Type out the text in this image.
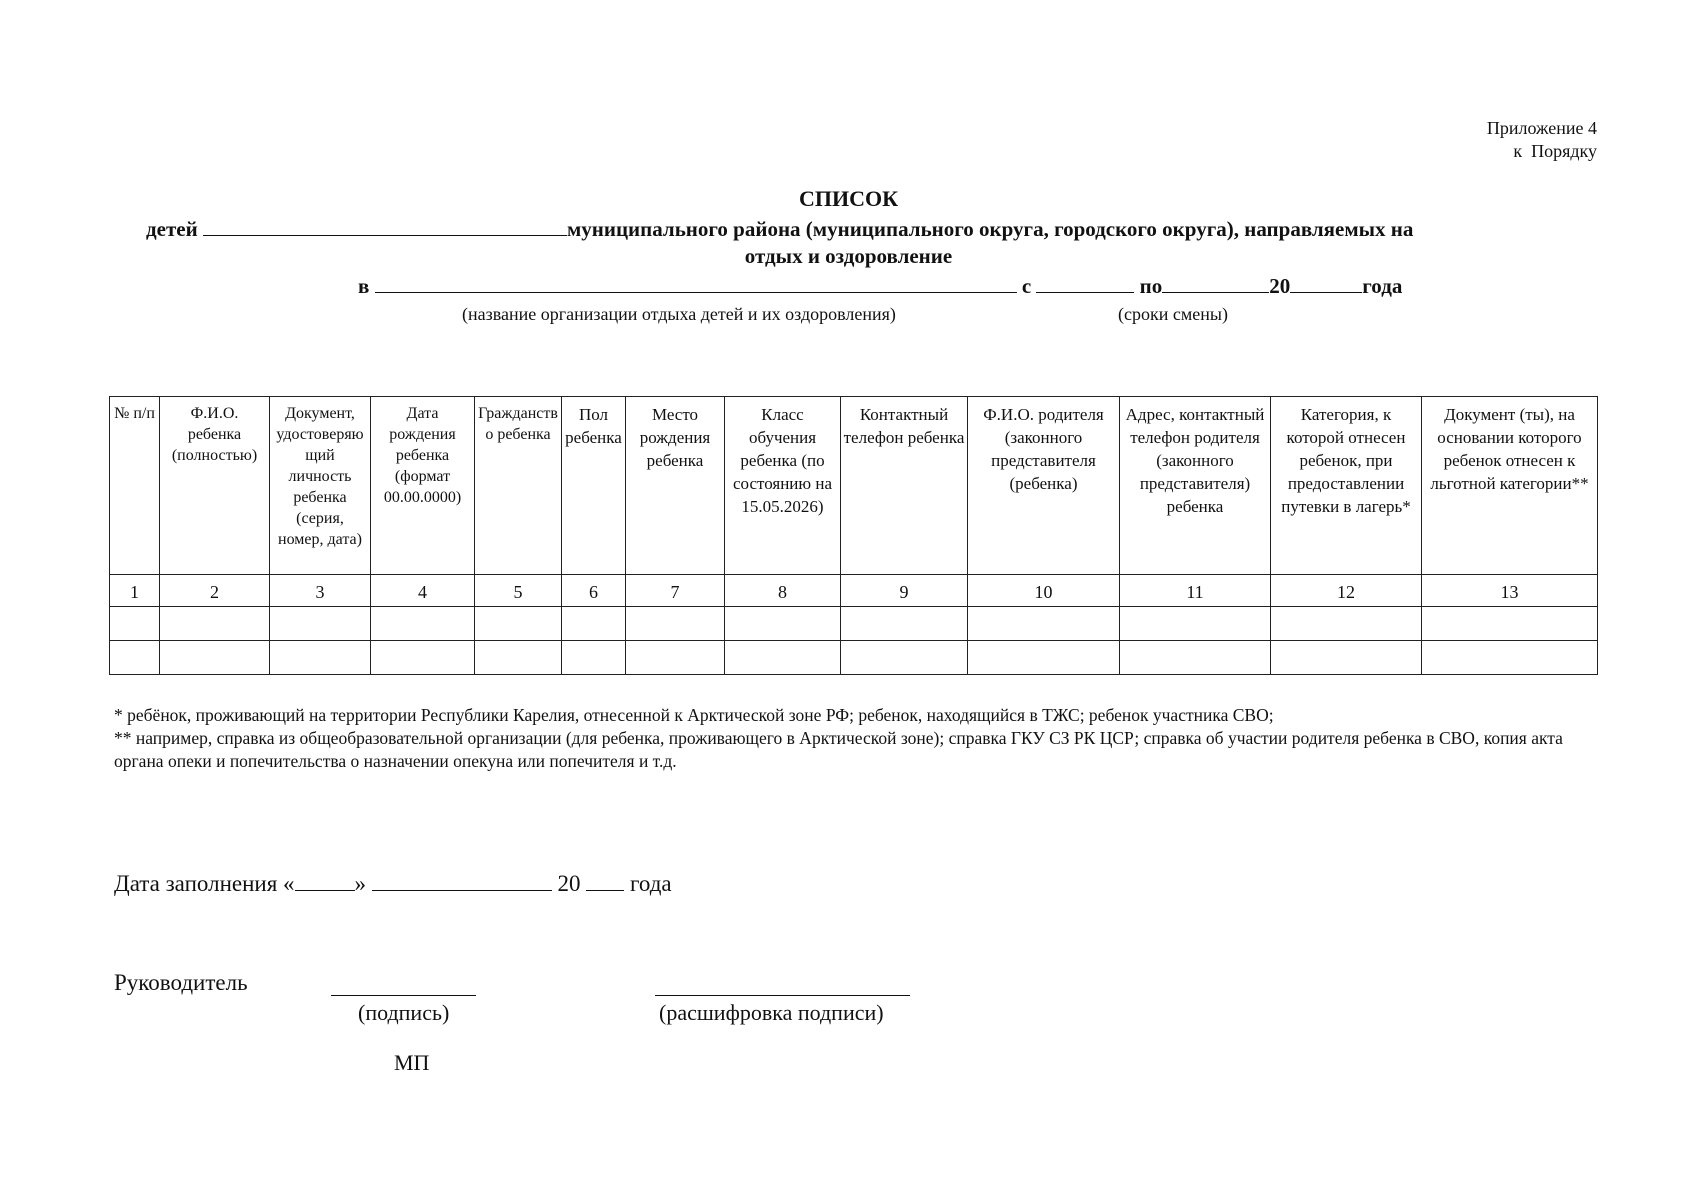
Приложение 4
к  Порядку
СПИСОК
детей	муниципального района (муниципального округа, городского округа), направляемых на
отдых и оздоровление
в	с	по	20	года
(название организации отдыха детей и их оздоровления)	(сроки смены)
№ п/п	Ф.И.О. ребенка (полностью)	Документ, удостоверяющий личность ребенка (серия, номер, дата)	Дата рождения ребенка (формат 00.00.0000)	Гражданство ребенка	Пол ребенка	Место рождения ребенка	Класс обучения ребенка (по состоянию на 15.05.2026)	Контактный телефон ребенка	Ф.И.О. родителя (законного представителя (ребенка)	Адрес, контактный телефон родителя (законного представителя) ребенка	Категория, к которой отнесен ребенок, при предоставлении путевки в лагерь*	Документ (ты), на основании которого ребенок отнесен к льготной категории**
1	2	3	4	5	6	7	8	9	10	11	12	13

* ребёнок, проживающий на территории Республики Карелия, отнесенной к Арктической зоне РФ; ребенок, находящийся в ТЖС; ребенок участника СВО;
** например, справка из общеобразовательной организации (для ребенка, проживающего в Арктической зоне); справка ГКУ СЗ РК ЦСР; справка об участии родителя ребенка в СВО, копия акта органа опеки и попечительства о назначении опекуна или попечителя и т.д.
Дата заполнения «	»	20 года
Руководитель
(подпись)	(расшифровка подписи)
МП
